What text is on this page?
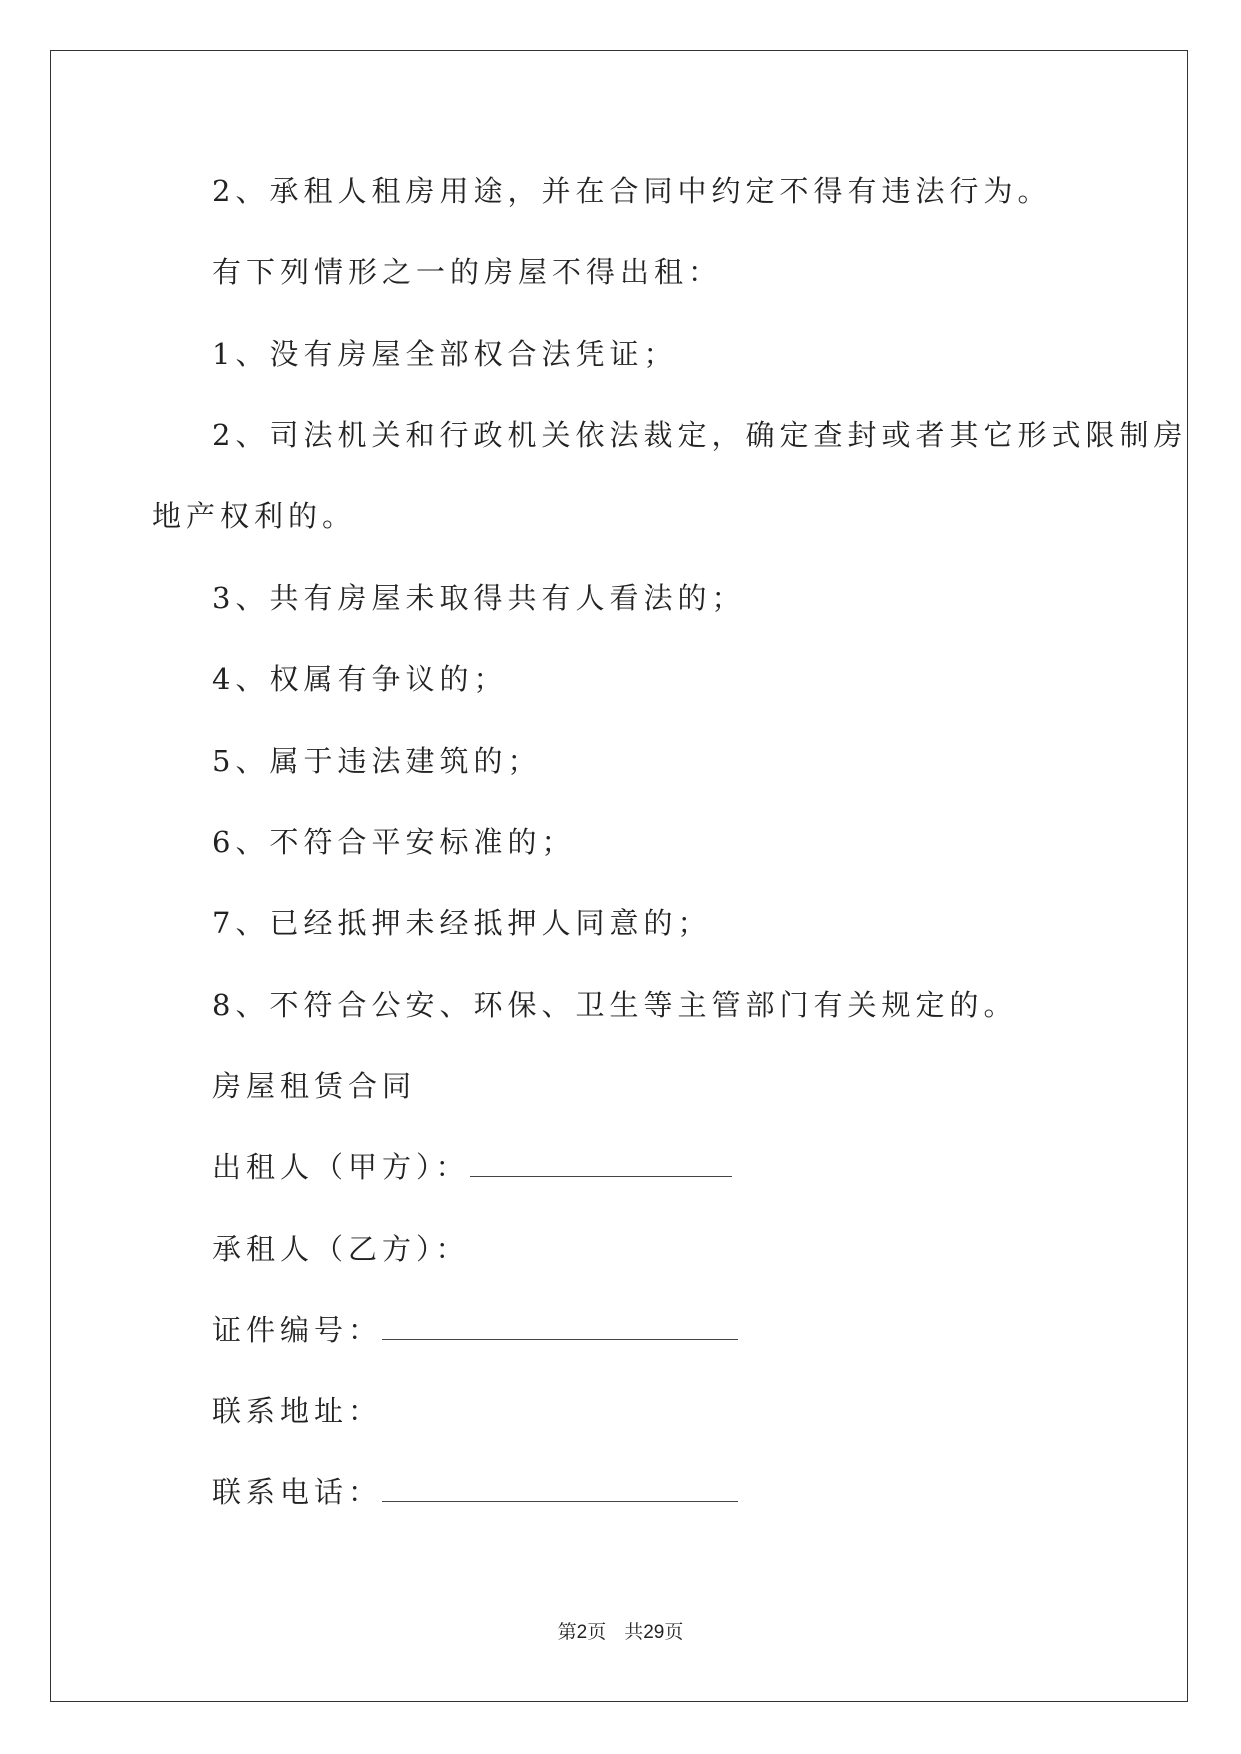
2、承租人租房用途，并在合同中约定不得有违法行为。

有下列情形之一的房屋不得出租：

1、没有房屋全部权合法凭证；

2、司法机关和行政机关依法裁定，确定查封或者其它形式限制房

地产权利的。

3、共有房屋未取得共有人看法的；

4、权属有争议的；

5、属于违法建筑的；

6、不符合平安标准的；

7、已经抵押未经抵押人同意的；

8、不符合公安、环保、卫生等主管部门有关规定的。

房屋租赁合同

出租人（甲方）：

承租人（乙方）：

证件编号：

联系地址：

联系电话：

第2页 共29页
